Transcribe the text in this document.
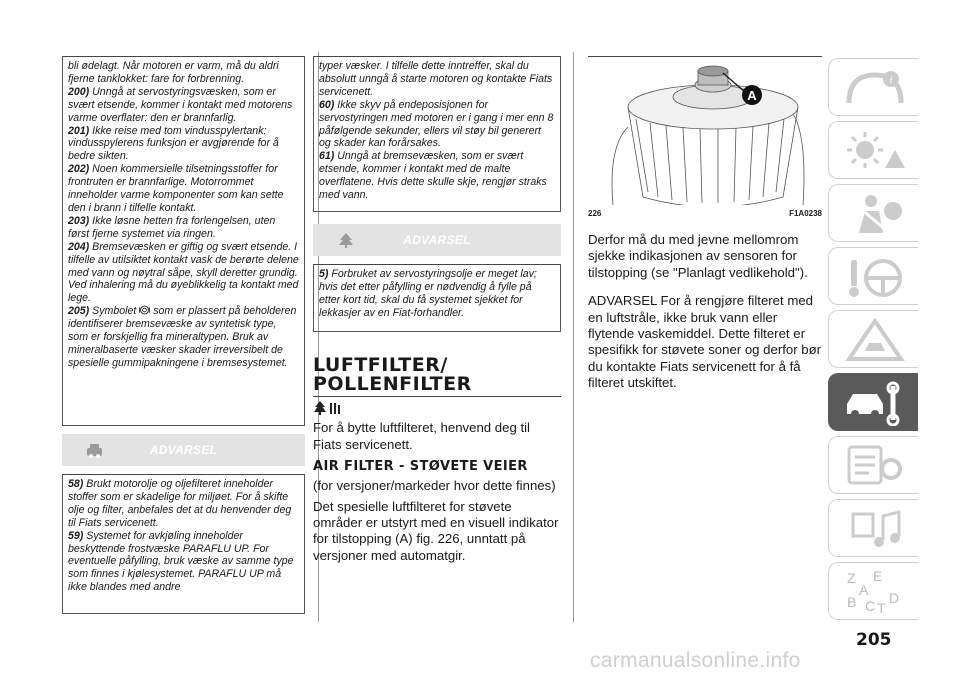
bli ødelagt. Når motoren er varm, må du aldri fjerne tanklokket: fare for forbrenning.

200) Unngå at servostyringsvæsken, som er svært etsende, kommer i kontakt med motorens varme overflater: den er brannfarlig.

201) Ikke reise med tom vindusspylertank: vindusspylerens funksjon er avgjørende for å bedre sikten.

202) Noen kommersielle tilsetningsstoffer for frontruten er brannfarlige. Motorrommet inneholder varme komponenter som kan sette den i brann i tilfelle kontakt.

203) Ikke løsne hetten fra forlengelsen, uten først fjerne systemet via ringen.

204) Bremsevæsken er giftig og svært etsende. I tilfelle av utilsiktet kontakt vask de berørte delene med vann og nøytral såpe, skyll deretter grundig. Ved inhalering må du øyeblikkelig ta kontakt med lege.

205) Symbolet som er plassert på beholderen identifiserer bremsevæske av syntetisk type, som er forskjellig fra mineraltypen. Bruk av mineralbaserte væsker skader irreversibelt de spesielle gummipakningene i bremsesystemet.

ADVARSEL

58) Brukt motorolje og oljefilteret inneholder stoffer som er skadelige for miljøet. For å skifte olje og filter, anbefales det at du henvender deg til Fiats servicenett.

59) Systemet for avkjøling inneholder beskyttende frostvæske PARAFLU UP. For eventuelle påfylling, bruk væske av samme type som finnes i kjølesystemet. PARAFLU UP må ikke blandes med andre

typer væsker. I tilfelle dette inntreffer, skal du absolutt unngå å starte motoren og kontakte Fiats servicenett.

60) Ikke skyv på endeposisjonen for servostyringen med motoren er i gang i mer enn 8 påfølgende sekunder, ellers vil støy bil generert og skader kan forårsakes.

61) Unngå at bremsevæsken, som er svært etsende, kommer i kontakt med de malte overflatene. Hvis dette skulle skje, rengjør straks med vann.

ADVARSEL

5) Forbruket av servostyringsolje er meget lav; hvis det etter påfylling er nødvendig å fylle på etter kort tid, skal du få systemet sjekket for lekkasjer av en Fiat-forhandler.

LUFTFILTER/

POLLENFILTER

For å bytte luftfilteret, henvend deg til Fiats servicenett.

AIR FILTER - STØVETE VEIER

(for versjoner/markeder hvor dette finnes)

Det spesielle luftfilteret for støvete områder er utstyrt med en visuell indikator for tilstopping (A) fig. 226, unntatt på versjoner med automatgir.

A
226	F1A0238

Derfor må du med jevne mellomrom sjekke indikasjonen av sensoren for tilstopping (se "Planlagt vedlikehold").

ADVARSEL For å rengjøre filteret med en luftstråle, ikke bruk vann eller flytende vaskemiddel. Dette filteret er spesifikk for støvete soner og derfor bør du kontakte Fiats servicenett for å få filteret utskiftet.

i
Z E
A
B C T
D
205
carmanualsonline.info
